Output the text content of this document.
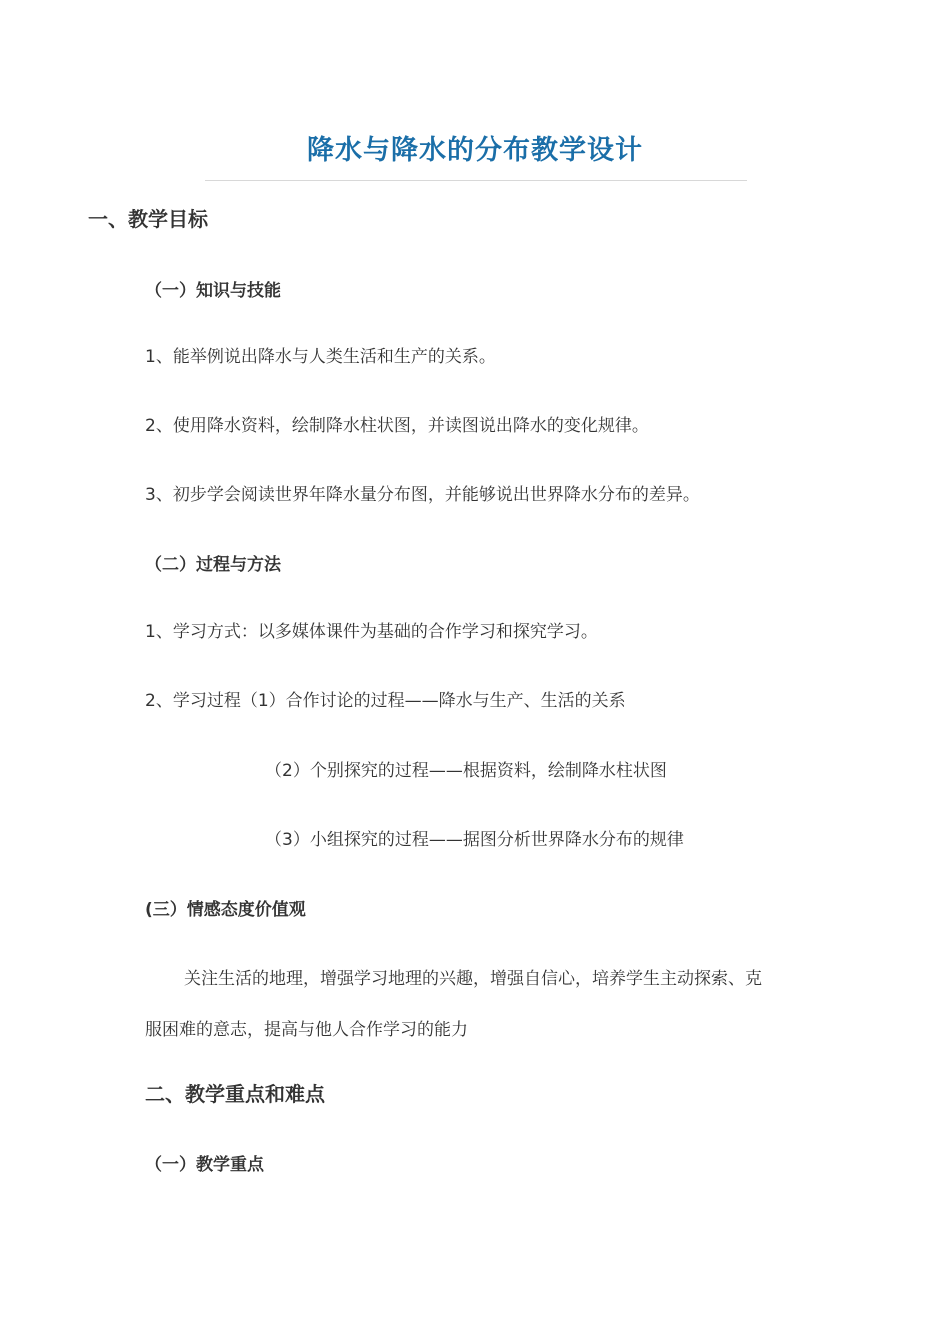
降水与降水的分布教学设计
一、教学目标
（一）知识与技能
1、能举例说出降水与人类生活和生产的关系。
2、使用降水资料，绘制降水柱状图，并读图说出降水的变化规律。
3、初步学会阅读世界年降水量分布图，并能够说出世界降水分布的差异。
（二）过程与方法
1、学习方式：以多媒体课件为基础的合作学习和探究学习。
2、学习过程（1）合作讨论的过程——降水与生产、生活的关系
（2）个别探究的过程——根据资料，绘制降水柱状图
（3）小组探究的过程——据图分析世界降水分布的规律
(三）情感态度价值观
关注生活的地理，增强学习地理的兴趣，增强自信心，培养学生主动探索、克
服困难的意志，提高与他人合作学习的能力
二、教学重点和难点
（一）教学重点
